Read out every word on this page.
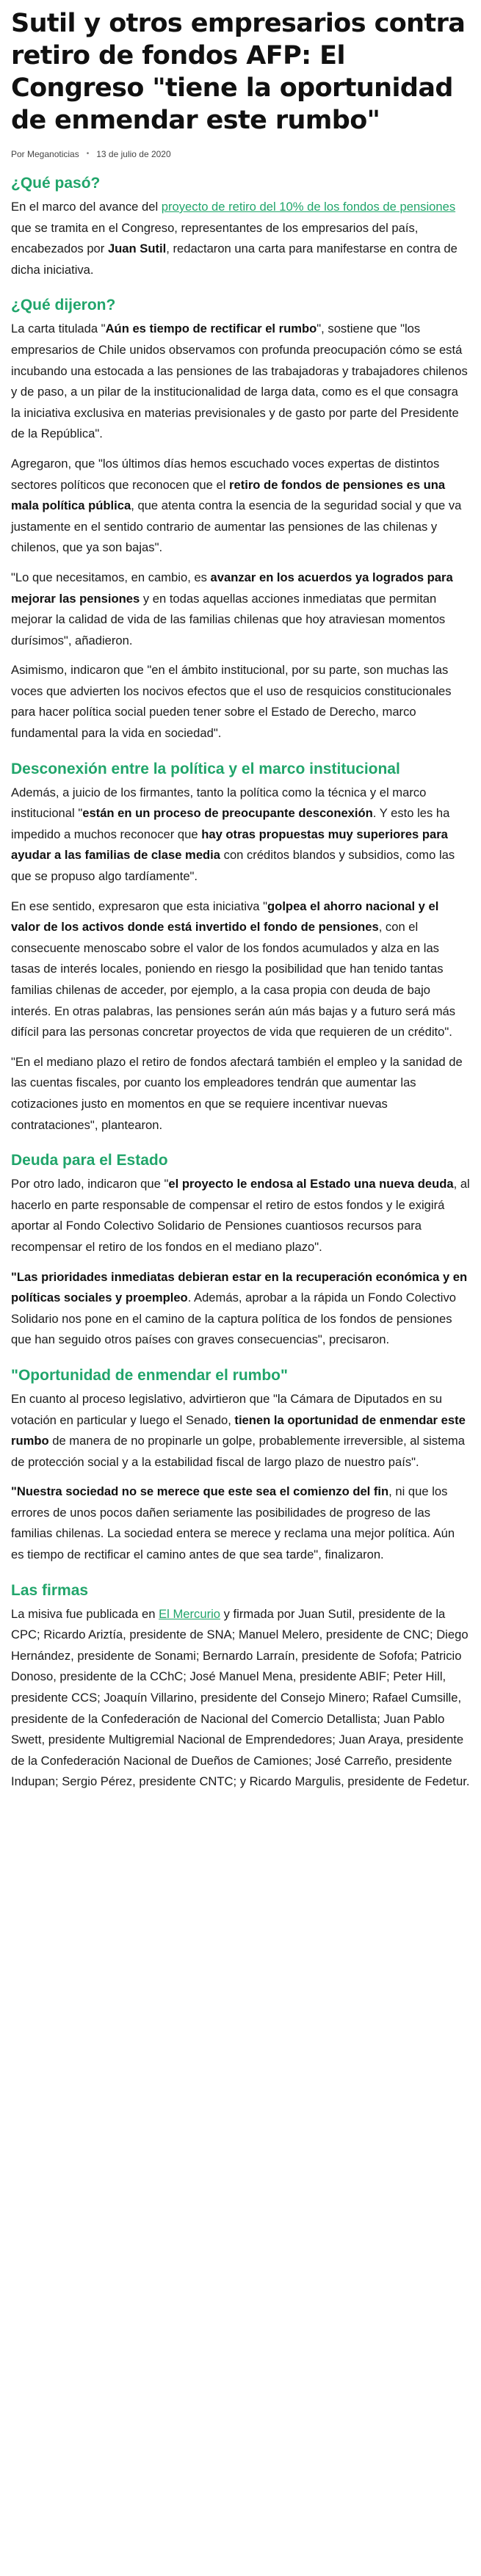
Sutil y otros empresarios contra retiro de fondos AFP: El Congreso "tiene la oportunidad de enmendar este rumbo"
Por Meganoticias • 13 de julio de 2020
¿Qué pasó?

En el marco del avance del proyecto de retiro del 10% de los fondos de pensiones que se tramita en el Congreso, representantes de los empresarios del país, encabezados por Juan Sutil, redactaron una carta para manifestarse en contra de dicha iniciativa.

¿Qué dijeron?

La carta titulada "Aún es tiempo de rectificar el rumbo", sostiene que "los empresarios de Chile unidos observamos con profunda preocupación cómo se está incubando una estocada a las pensiones de las trabajadoras y trabajadores chilenos y de paso, a un pilar de la institucionalidad de larga data, como es el que consagra la iniciativa exclusiva en materias previsionales y de gasto por parte del Presidente de la República".

Agregaron, que "los últimos días hemos escuchado voces expertas de distintos sectores políticos que reconocen que el retiro de fondos de pensiones es una mala política pública, que atenta contra la esencia de la seguridad social y que va justamente en el sentido contrario de aumentar las pensiones de las chilenas y chilenos, que ya son bajas".

"Lo que necesitamos, en cambio, es avanzar en los acuerdos ya logrados para mejorar las pensiones y en todas aquellas acciones inmediatas que permitan mejorar la calidad de vida de las familias chilenas que hoy atraviesan momentos durísimos", añadieron.

Asimismo, indicaron que "en el ámbito institucional, por su parte, son muchas las voces que advierten los nocivos efectos que el uso de resquicios constitucionales para hacer política social pueden tener sobre el Estado de Derecho, marco fundamental para la vida en sociedad".

Desconexión entre la política y el marco institucional

Además, a juicio de los firmantes, tanto la política como la técnica y el marco institucional "están en un proceso de preocupante desconexión. Y esto les ha impedido a muchos reconocer que hay otras propuestas muy superiores para ayudar a las familias de clase media con créditos blandos y subsidios, como las que se propuso algo tardíamente".

En ese sentido, expresaron que esta iniciativa "golpea el ahorro nacional y el valor de los activos donde está invertido el fondo de pensiones, con el consecuente menoscabo sobre el valor de los fondos acumulados y alza en las tasas de interés locales, poniendo en riesgo la posibilidad que han tenido tantas familias chilenas de acceder, por ejemplo, a la casa propia con deuda de bajo interés. En otras palabras, las pensiones serán aún más bajas y a futuro será más difícil para las personas concretar proyectos de vida que requieren de un crédito".

"En el mediano plazo el retiro de fondos afectará también el empleo y la sanidad de las cuentas fiscales, por cuanto los empleadores tendrán que aumentar las cotizaciones justo en momentos en que se requiere incentivar nuevas contrataciones", plantearon.

Deuda para el Estado

Por otro lado, indicaron que "el proyecto le endosa al Estado una nueva deuda, al hacerlo en parte responsable de compensar el retiro de estos fondos y le exigirá aportar al Fondo Colectivo Solidario de Pensiones cuantiosos recursos para recompensar el retiro de los fondos en el mediano plazo".

"Las prioridades inmediatas debieran estar en la recuperación económica y en políticas sociales y proempleo. Además, aprobar a la rápida un Fondo Colectivo Solidario nos pone en el camino de la captura política de los fondos de pensiones que han seguido otros países con graves consecuencias", precisaron.

"Oportunidad de enmendar el rumbo"

En cuanto al proceso legislativo, advirtieron que "la Cámara de Diputados en su votación en particular y luego el Senado, tienen la oportunidad de enmendar este rumbo de manera de no propinarle un golpe, probablemente irreversible, al sistema de protección social y a la estabilidad fiscal de largo plazo de nuestro país".

"Nuestra sociedad no se merece que este sea el comienzo del fin, ni que los errores de unos pocos dañen seriamente las posibilidades de progreso de las familias chilenas. La sociedad entera se merece y reclama una mejor política. Aún es tiempo de rectificar el camino antes de que sea tarde", finalizaron.

Las firmas

La misiva fue publicada en El Mercurio y firmada por Juan Sutil, presidente de la CPC; Ricardo Ariztía, presidente de SNA; Manuel Melero, presidente de CNC; Diego Hernández, presidente de Sonami; Bernardo Larraín, presidente de Sofofa; Patricio Donoso, presidente de la CChC; José Manuel Mena, presidente ABIF; Peter Hill, presidente CCS; Joaquín Villarino, presidente del Consejo Minero; Rafael Cumsille, presidente de la Confederación de Nacional del Comercio Detallista; Juan Pablo Swett, presidente Multigremial Nacional de Emprendedores; Juan Araya, presidente de la Confederación Nacional de Dueños de Camiones; José Carreño, presidente Indupan; Sergio Pérez, presidente CNTC; y Ricardo Margulis, presidente de Fedetur.
